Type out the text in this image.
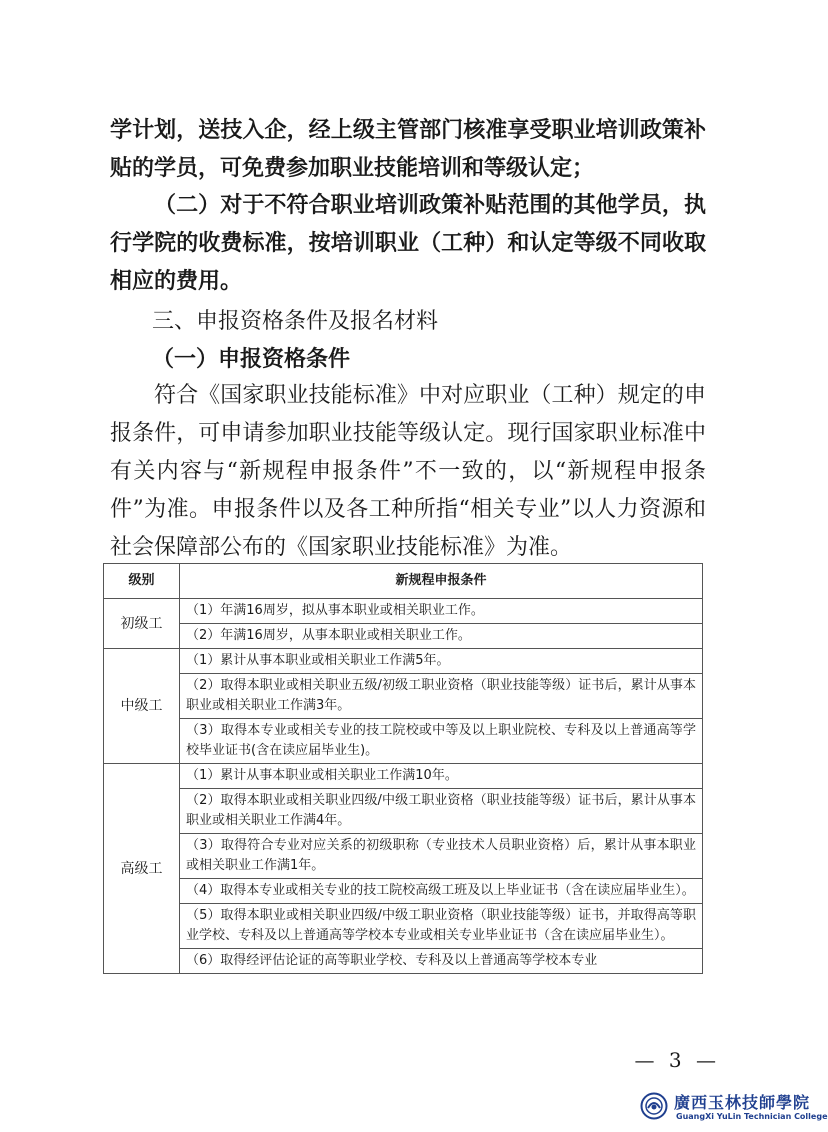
学计划，送技入企，经上级主管部门核准享受职业培训政策补贴的学员，可免费参加职业技能培训和等级认定；

（二）对于不符合职业培训政策补贴范围的其他学员，执行学院的收费标准，按培训职业（工种）和认定等级不同收取相应的费用。

三、申报资格条件及报名材料

（一）申报资格条件

符合《国家职业技能标准》中对应职业（工种）规定的申报条件，可申请参加职业技能等级认定。现行国家职业标准中有关内容与“新规程申报条件”不一致的，以“新规程申报条件”为准。申报条件以及各工种所指“相关专业”以人力资源和社会保障部公布的《国家职业技能标准》为准。

级别	新规程申报条件
初级工	（1）年满16周岁，拟从事本职业或相关职业工作。
	（2）年满16周岁，从事本职业或相关职业工作。
中级工	（1）累计从事本职业或相关职业工作满5年。
	（2）取得本职业或相关职业五级/初级工职业资格（职业技能等级）证书后，累计从事本职业或相关职业工作满3年。
	（3）取得本专业或相关专业的技工院校或中等及以上职业院校、专科及以上普通高等学校毕业证书(含在读应届毕业生)。
高级工	（1）累计从事本职业或相关职业工作满10年。
	（2）取得本职业或相关职业四级/中级工职业资格（职业技能等级）证书后，累计从事本职业或相关职业工作满4年。
	（3）取得符合专业对应关系的初级职称（专业技术人员职业资格）后，累计从事本职业或相关职业工作满1年。
	（4）取得本专业或相关专业的技工院校高级工班及以上毕业证书（含在读应届毕业生）。
	（5）取得本职业或相关职业四级/中级工职业资格（职业技能等级）证书，并取得高等职业学校、专科及以上普通高等学校本专业或相关专业毕业证书（含在读应届毕业生）。
	（6）取得经评估论证的高等职业学校、专科及以上普通高等学校本专业
— 3 —
廣西玉林技師學院
GuangXi YuLin Technician College
